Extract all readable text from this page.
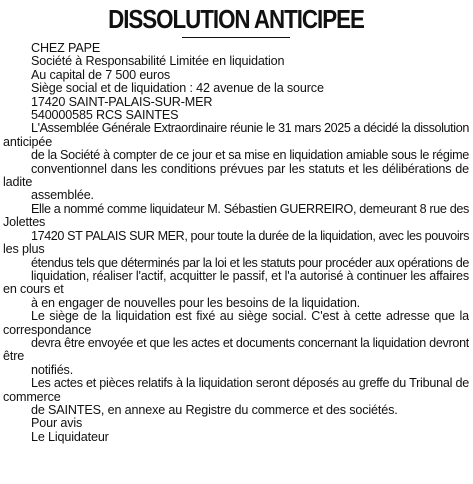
DISSOLUTION ANTICIPEE
CHEZ PAPE
Société à Responsabilité Limitée en liquidation
Au capital de 7 500 euros
Siège social et de liquidation : 42 avenue de la source
17420 SAINT-PALAIS-SUR-MER
540000585 RCS SAINTES
L'Assemblée Générale Extraordinaire réunie le 31 mars 2025 a décidé la dissolution
anticipée
de la Société à compter de ce jour et sa mise en liquidation amiable sous le régime
conventionnel dans les conditions prévues par les statuts et les délibérations de
ladite
assemblée.
Elle a nommé comme liquidateur M. Sébastien GUERREIRO, demeurant 8 rue des
Jolettes
17420 ST PALAIS SUR MER, pour toute la durée de la liquidation, avec les pouvoirs
les plus
étendus tels que déterminés par la loi et les statuts pour procéder aux opérations de
liquidation, réaliser l'actif, acquitter le passif, et l'a autorisé à continuer les affaires
en cours et
à en engager de nouvelles pour les besoins de la liquidation.
Le siège de la liquidation est fixé au siège social. C'est à cette adresse que la
correspondance
devra être envoyée et que les actes et documents concernant la liquidation devront
être
notifiés.
Les actes et pièces relatifs à la liquidation seront déposés au greffe du Tribunal de
commerce
de SAINTES, en annexe au Registre du commerce et des sociétés.
Pour avis
Le Liquidateur
